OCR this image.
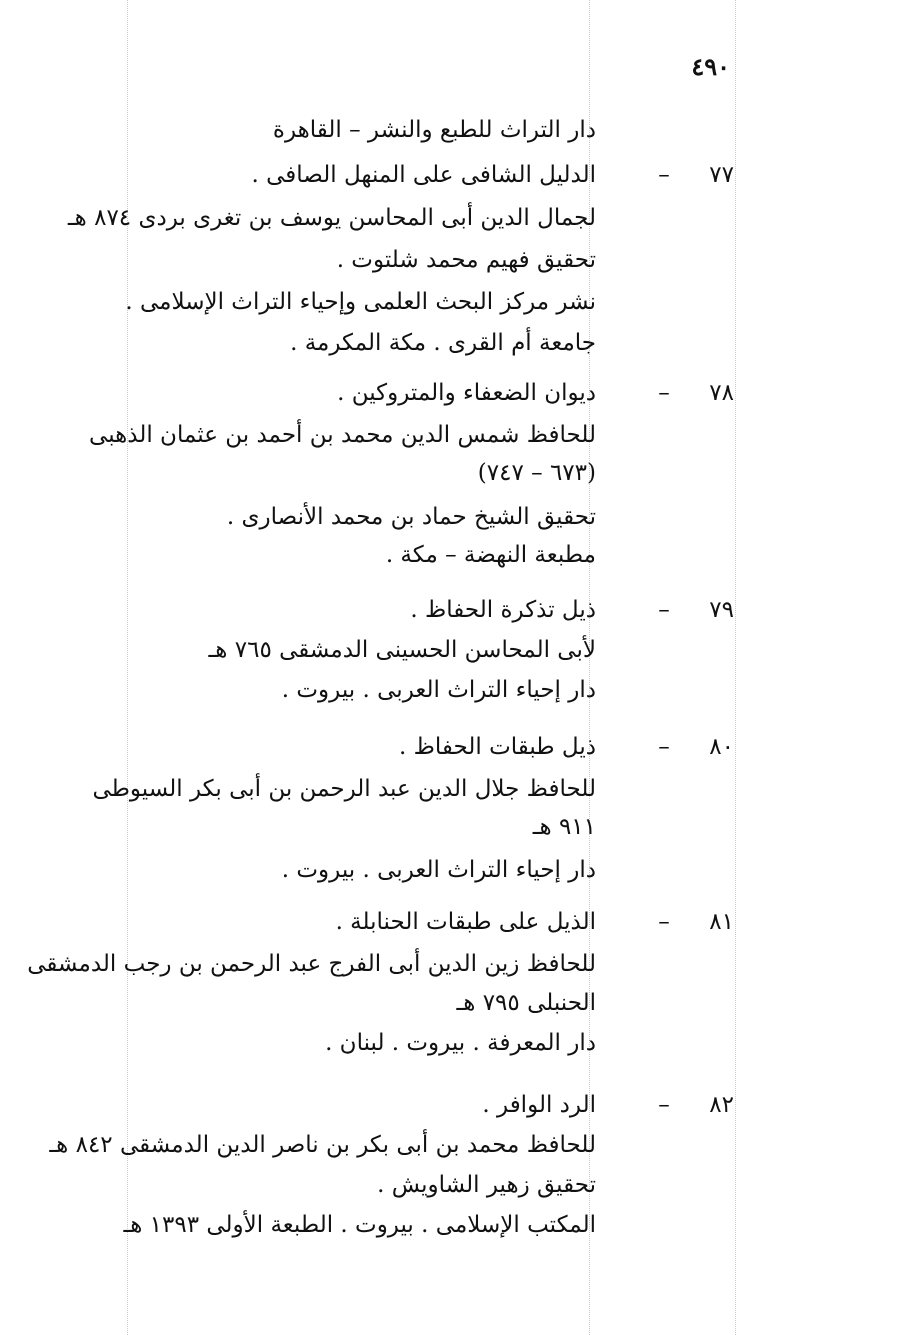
٤٩٠
دار التراث للطبع والنشر – القاهرة
٧٧
–
الدليل الشافى على المنهل الصافى .
لجمال الدين أبى المحاسن يوسف بن تغرى بردى ٨٧٤ هـ
تحقيق فهيم محمد شلتوت .
نشر مركز البحث العلمى وإحياء التراث الإسلامى .
جامعة أم القرى . مكة المكرمة .
٧٨
–
ديوان الضعفاء والمتروكين .
للحافظ شمس الدين محمد بن أحمد بن عثمان الذهبى
(٦٧٣ – ٧٤٧)
تحقيق الشيخ حماد بن محمد الأنصارى .
مطبعة النهضة – مكة .
٧٩
–
ذيل تذكرة الحفاظ .
لأبى المحاسن الحسينى الدمشقى ٧٦٥ هـ
دار إحياء التراث العربى . بيروت .
٨٠
–
ذيل طبقات الحفاظ .
للحافظ جلال الدين عبد الرحمن بن أبى بكر السيوطى
٩١١ هـ
دار إحياء التراث العربى . بيروت .
٨١
–
الذيل على طبقات الحنابلة .
للحافظ زين الدين أبى الفرج عبد الرحمن بن رجب الدمشقى
الحنبلى ٧٩٥ هـ
دار المعرفة . بيروت . لبنان .
٨٢
–
الرد الوافر .
للحافظ محمد بن أبى بكر بن ناصر الدين الدمشقى ٨٤٢ هـ
تحقيق زهير الشاويش .
المكتب الإسلامى . بيروت . الطبعة الأولى ١٣٩٣ هـ
